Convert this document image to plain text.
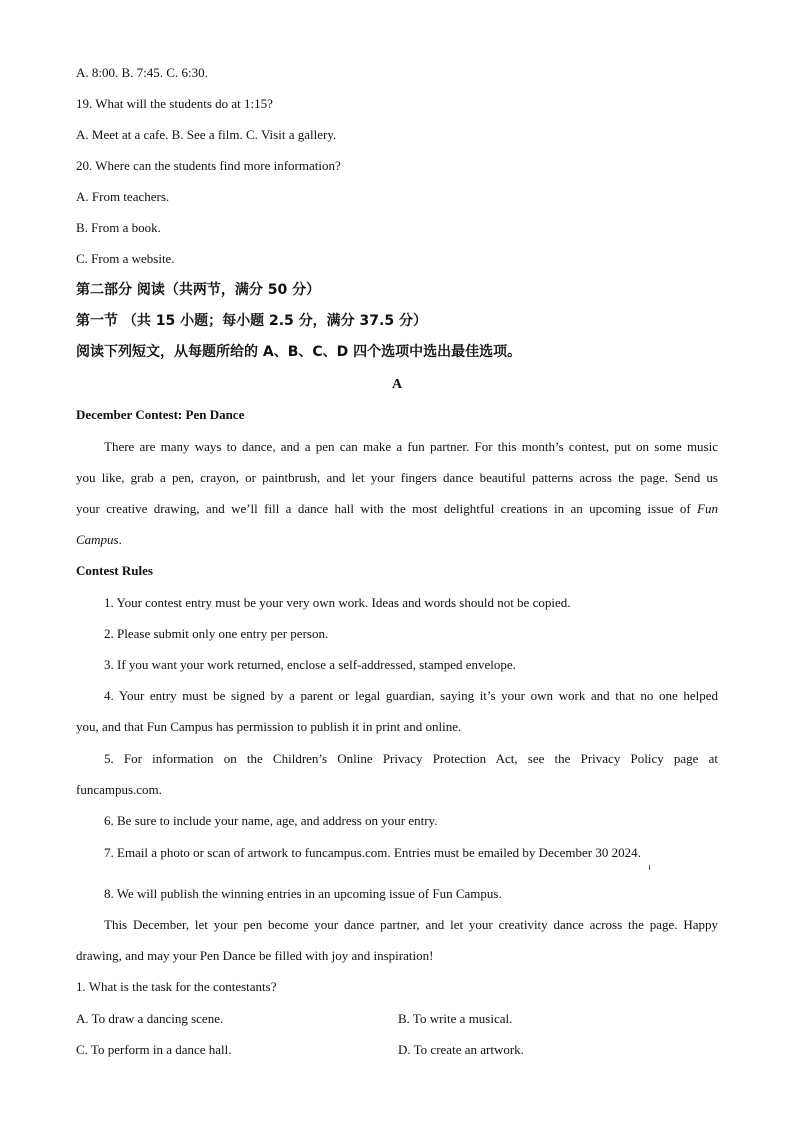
A. 8:00. B. 7:45. C. 6:30.
19. What will the students do at 1:15?
A. Meet at a cafe. B. See a film. C. Visit a gallery.
20. Where can the students find more information?
A. From teachers.
B. From a book.
C. From a website.
第二部分 阅读（共两节，满分 50 分）
第一节 （共 15 小题；每小题 2.5 分，满分 37.5 分）
阅读下列短文，从每题所给的 A、B、C、D 四个选项中选出最佳选项。
A
December Contest: Pen Dance
There are many ways to dance, and a pen can make a fun partner. For this month’s contest, put on some music
you like, grab a pen, crayon, or paintbrush, and let your fingers dance beautiful patterns across the page. Send us
your creative drawing, and we’ll fill a dance hall with the most delightful creations in an upcoming issue of Fun
Campus.
Contest Rules
1. Your contest entry must be your very own work. Ideas and words should not be copied.
2. Please submit only one entry per person.
3. If you want your work returned, enclose a self-addressed, stamped envelope.
4. Your entry must be signed by a parent or legal guardian, saying it’s your own work and that no one helped
you, and that Fun Campus has permission to publish it in print and online.
5. For information on the Children’s Online Privacy Protection Act, see the Privacy Policy page at
funcampus.com.
6. Be sure to include your name, age, and address on your entry.
7. Email a photo or scan of artwork to funcampus.com. Entries must be emailed by December 30 2024.
8. We will publish the winning entries in an upcoming issue of Fun Campus.
This December, let your pen become your dance partner, and let your creativity dance across the page. Happy
drawing, and may your Pen Dance be filled with joy and inspiration!
1. What is the task for the contestants?
A. To draw a dancing scene.	B. To write a musical.
C. To perform in a dance hall.	D. To create an artwork.
